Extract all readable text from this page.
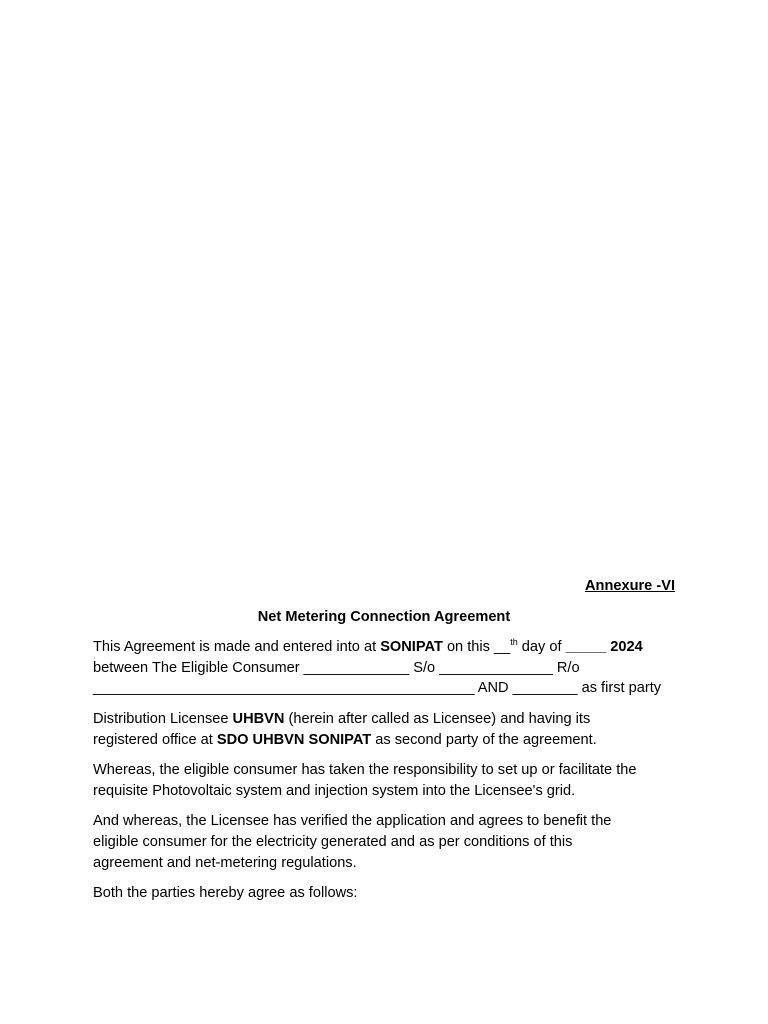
Annexure -VI
Net Metering Connection Agreement

This Agreement is made and entered into at SONIPAT on this __$^{th}$ day of _____ 2024
between The Eligible Consumer _____________ S/o ______________ R/o
_______________________________________________ AND ________ as first party

Distribution Licensee UHBVN (herein after called as Licensee) and having its
registered office at SDO UHBVN SONIPAT as second party of the agreement.

Whereas, the eligible consumer has taken the responsibility to set up or facilitate the
requisite Photovoltaic system and injection system into the Licensee's grid.

And whereas, the Licensee has verified the application and agrees to benefit the
eligible consumer for the electricity generated and as per conditions of this
agreement and net-metering regulations.

Both the parties hereby agree as follows:
